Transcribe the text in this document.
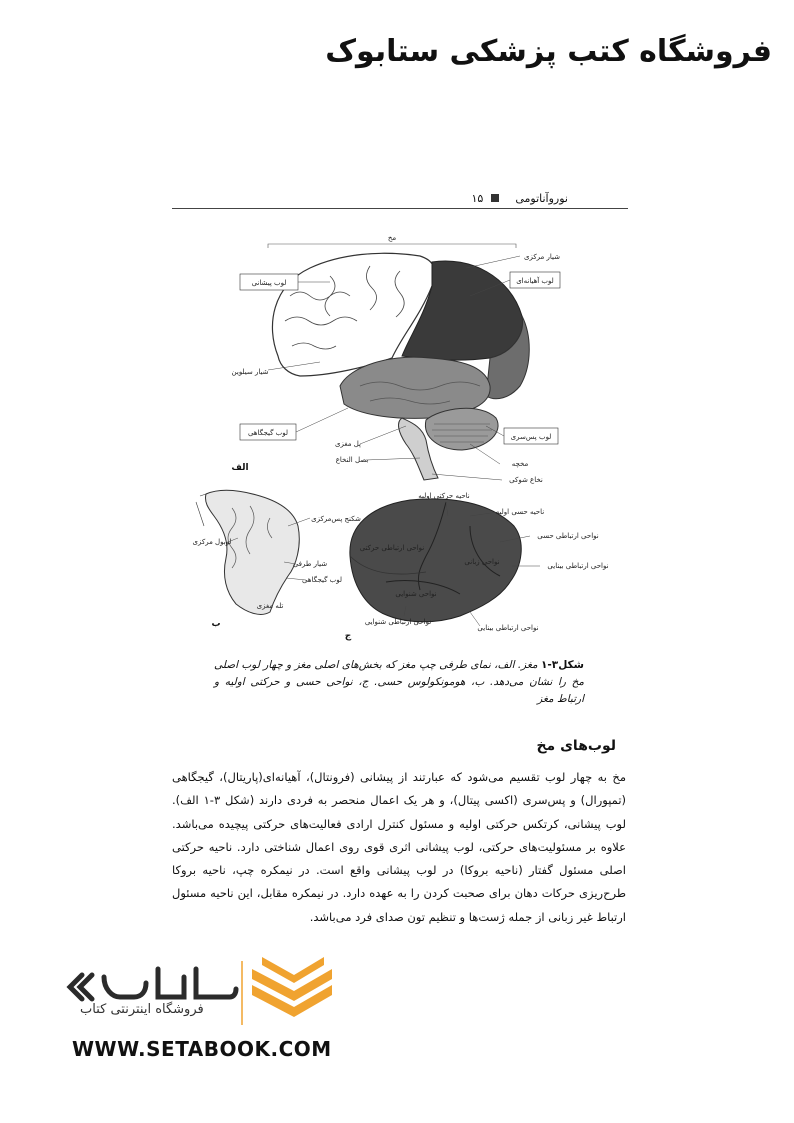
فروشگاه کتب پزشکی ستابوک
نوروآناتومی
۱۵
مخ
لوب پیشانی	لوب آهیانه‌ای
شیار مرکزی
شیار سیلوین
لوب گیجگاهی	لوب پس‌سری
پل مغزی
بصل النخاع	مخچه
نخاع شوکی
الف
شکنج پس‌مرکزی
لوبول مرکزی
شیار طرفی
لوب گیجگاهی
تله مغزی
ب
ناحیه حرکتی اولیه
ناحیه حسی اولیه
نواحی ارتباطی حسی
نواحی ارتباطی بینایی
نواحی ارتباطی حرکتی
نواحی زبانی
نواحی ارتباطی شنوایی
نواحی ارتباطی بینایی
نواحی شنوایی
ج
شکل۳-۱ مغز. الف، نمای طرفی چپ مغز که بخش‌های اصلی مغز و چهار لوب اصلی مخ را نشان می‌دهد. ب، هومونکولوس حسی. ج، نواحی حسی و حرکتی اولیه و ارتباط مغز
لوب‌های مخ

مخ به چهار لوب تقسیم می‌شود که عبارتند از پیشانی (فرونتال)، آهیانه‌ای(پاریتال)، گیجگاهی (تمپورال) و پس‌سری (اکسی پیتال)، و هر یک اعمال منحصر به فردی دارند (شکل ۳-۱ الف). لوب پیشانی، کرتکس حرکتی اولیه و مسئول کنترل ارادی فعالیت‌های حرکتی پیچیده می‌باشد. علاوه بر مسئولیت‌های حرکتی، لوب پیشانی اثری قوی روی اعمال شناختی دارد. ناحیه حرکتی اصلی مسئول گفتار (ناحیه بروکا) در لوب پیشانی واقع است. در نیمکره چپ، ناحیه بروکا طرح‌ریزی حرکات دهان برای صحبت کردن را به عهده دارد. در نیمکره مقابل، این ناحیه مسئول ارتباط غیر زبانی از جمله ژست‌ها و تنظیم تون صدای فرد می‌باشد.

فروشگاه اینترنتی کتاب
WWW.SETABOOK.COM
